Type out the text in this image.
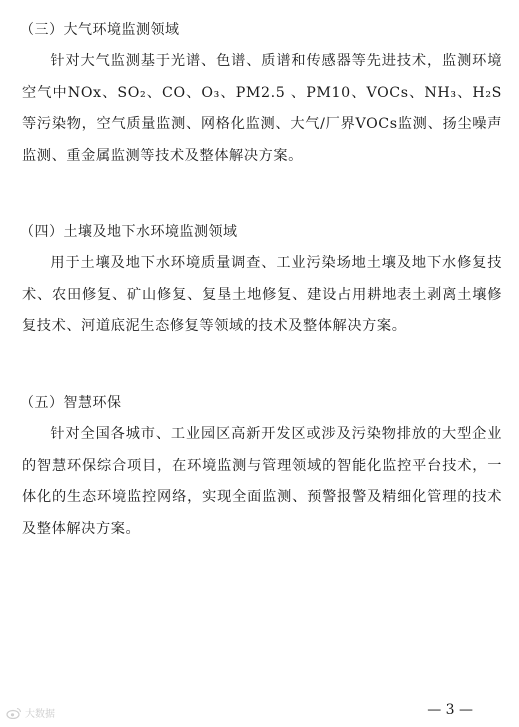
（三）大气环境监测领域
针对大气监测基于光谱、色谱、质谱和传感器等先进技术，监测环境空气中NOx、SO₂、CO、O₃、PM2.5 、PM10、VOCs、NH₃、H₂S等污染物，空气质量监测、网格化监测、大气/厂界VOCs监测、扬尘噪声监测、重金属监测等技术及整体解决方案。
（四）土壤及地下水环境监测领域
用于土壤及地下水环境质量调查、工业污染场地土壤及地下水修复技术、农田修复、矿山修复、复垦土地修复、建设占用耕地表土剥离土壤修复技术、河道底泥生态修复等领域的技术及整体解决方案。
（五）智慧环保
针对全国各城市、工业园区高新开发区或涉及污染物排放的大型企业的智慧环保综合项目，在环境监测与管理领域的智能化监控平台技术，一体化的生态环境监控网络，实现全面监测、预警报警及精细化管理的技术及整体解决方案。
— 3 —
大数据
